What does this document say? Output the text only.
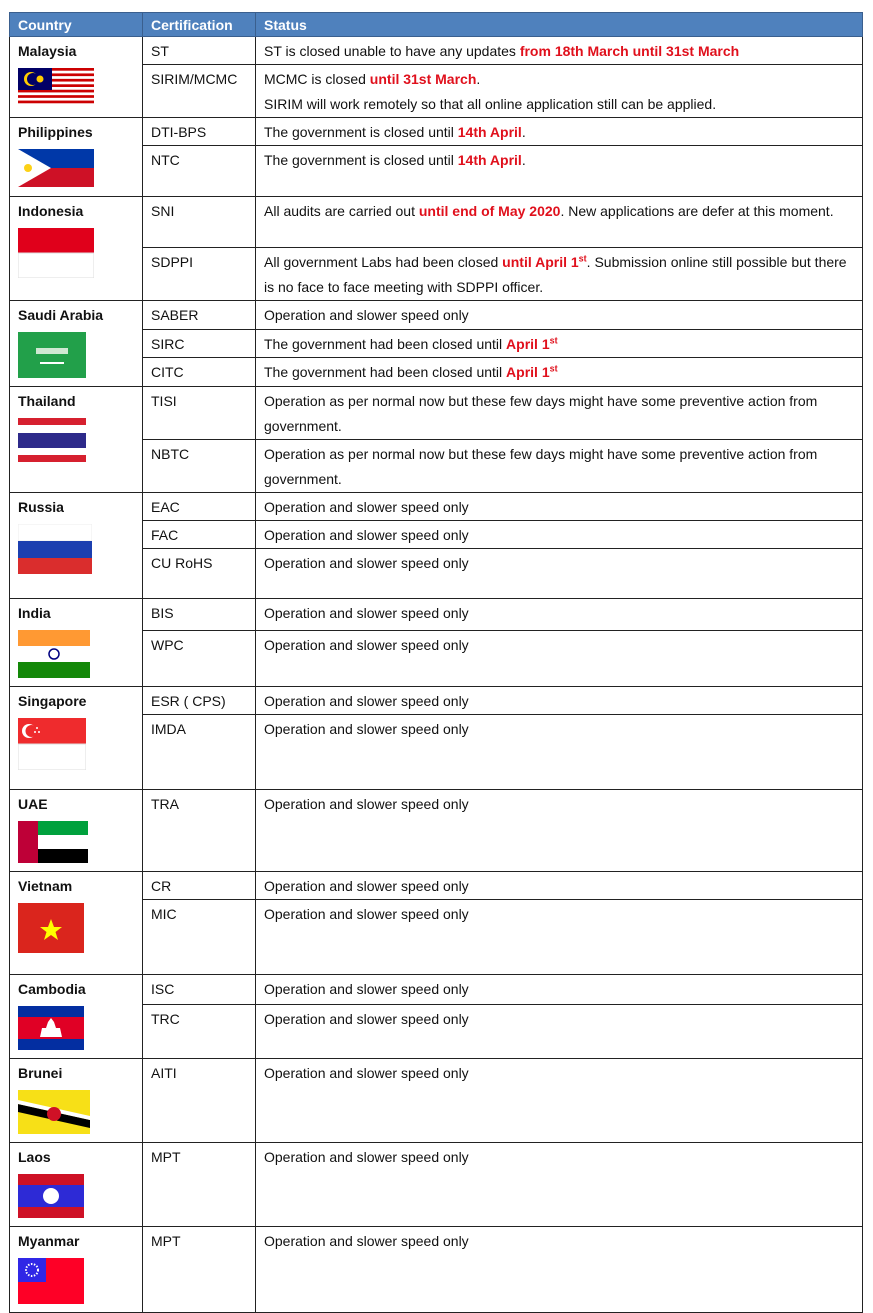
Country	Certification	Status

Malaysia	ST	ST is closed unable to have any updates from 18th March until 31st March
	SIRIM/MCMC	MCMC is closed until 31st March.
SIRIM will work remotely so that all online application still can be applied.

Philippines	DTI-BPS	The government is closed until 14th April.
	NTC	The government is closed until 14th April.

Indonesia	SNI	All audits are carried out until end of May 2020. New applications are defer at this moment.
	SDPPI	All government Labs had been closed until April 1st. Submission online still possible but there is no face to face meeting with SDPPI officer.

Saudi Arabia	SABER	Operation and slower speed only
	SIRC	The government had been closed until April 1st
	CITC	The government had been closed until April 1st

Thailand	TISI	Operation as per normal now but these few days might have some preventive action from government.
	NBTC	Operation as per normal now but these few days might have some preventive action from government.

Russia	EAC	Operation and slower speed only
	FAC	Operation and slower speed only
	CU RoHS	Operation and slower speed only

India	BIS	Operation and slower speed only
	WPC	Operation and slower speed only

Singapore	ESR ( CPS)	Operation and slower speed only
	IMDA	Operation and slower speed only

UAE	TRA	Operation and slower speed only

Vietnam	CR	Operation and slower speed only
	MIC	Operation and slower speed only

Cambodia	ISC	Operation and slower speed only
	TRC	Operation and slower speed only

Brunei	AITI	Operation and slower speed only

Laos	MPT	Operation and slower speed only

Myanmar	MPT	Operation and slower speed only
